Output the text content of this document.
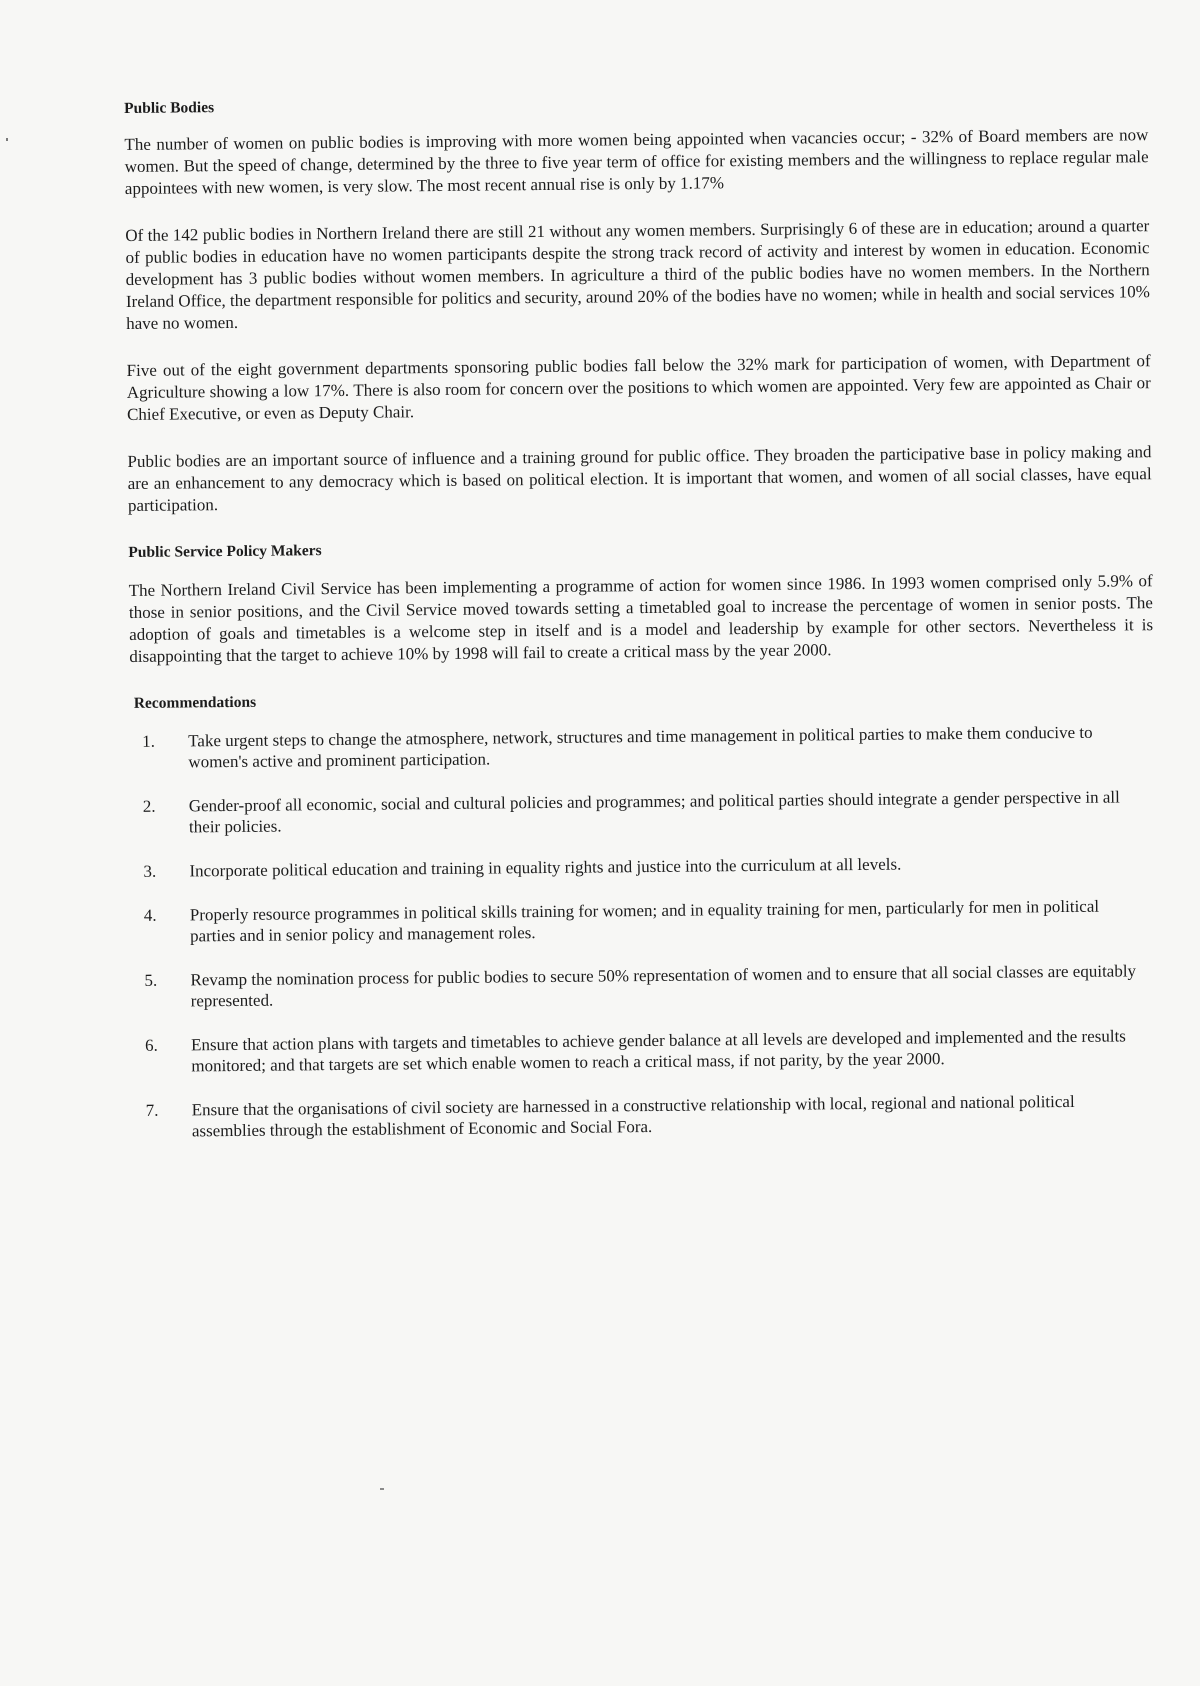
Public Bodies

The number of women on public bodies is improving with more women being appointed when vacancies occur; - 32% of Board members are now women. But the speed of change, determined by the three to five year term of office for existing members and the willingness to replace regular male appointees with new women, is very slow. The most recent annual rise is only by 1.17%

Of the 142 public bodies in Northern Ireland there are still 21 without any women members. Surprisingly 6 of these are in education; around a quarter of public bodies in education have no women participants despite the strong track record of activity and interest by women in education. Economic development has 3 public bodies without women members. In agriculture a third of the public bodies have no women members. In the Northern Ireland Office, the department responsible for politics and security, around 20% of the bodies have no women; while in health and social services 10% have no women.

Five out of the eight government departments sponsoring public bodies fall below the 32% mark for participation of women, with Department of Agriculture showing a low 17%. There is also room for concern over the positions to which women are appointed. Very few are appointed as Chair or Chief Executive, or even as Deputy Chair.

Public bodies are an important source of influence and a training ground for public office. They broaden the participative base in policy making and are an enhancement to any democracy which is based on political election. It is important that women, and women of all social classes, have equal participation.

Public Service Policy Makers

The Northern Ireland Civil Service has been implementing a programme of action for women since 1986. In 1993 women comprised only 5.9% of those in senior positions, and the Civil Service moved towards setting a timetabled goal to increase the percentage of women in senior posts. The adoption of goals and timetables is a welcome step in itself and is a model and leadership by example for other sectors. Nevertheless it is disappointing that the target to achieve 10% by 1998 will fail to create a critical mass by the year 2000.

Recommendations
1.	Take urgent steps to change the atmosphere, network, structures and time management in political parties to make them conducive to women's active and prominent participation.
2.	Gender-proof all economic, social and cultural policies and programmes; and political parties should integrate a gender perspective in all their policies.
3.	Incorporate political education and training in equality rights and justice into the curriculum at all levels.
4.	Properly resource programmes in political skills training for women; and in equality training for men, particularly for men in political parties and in senior policy and management roles.
5.	Revamp the nomination process for public bodies to secure 50% representation of women and to ensure that all social classes are equitably represented.
6.	Ensure that action plans with targets and timetables to achieve gender balance at all levels are developed and implemented and the results monitored; and that targets are set which enable women to reach a critical mass, if not parity, by the year 2000.
7.	Ensure that the organisations of civil society are harnessed in a constructive relationship with local, regional and national political assemblies through the establishment of Economic and Social Fora.
